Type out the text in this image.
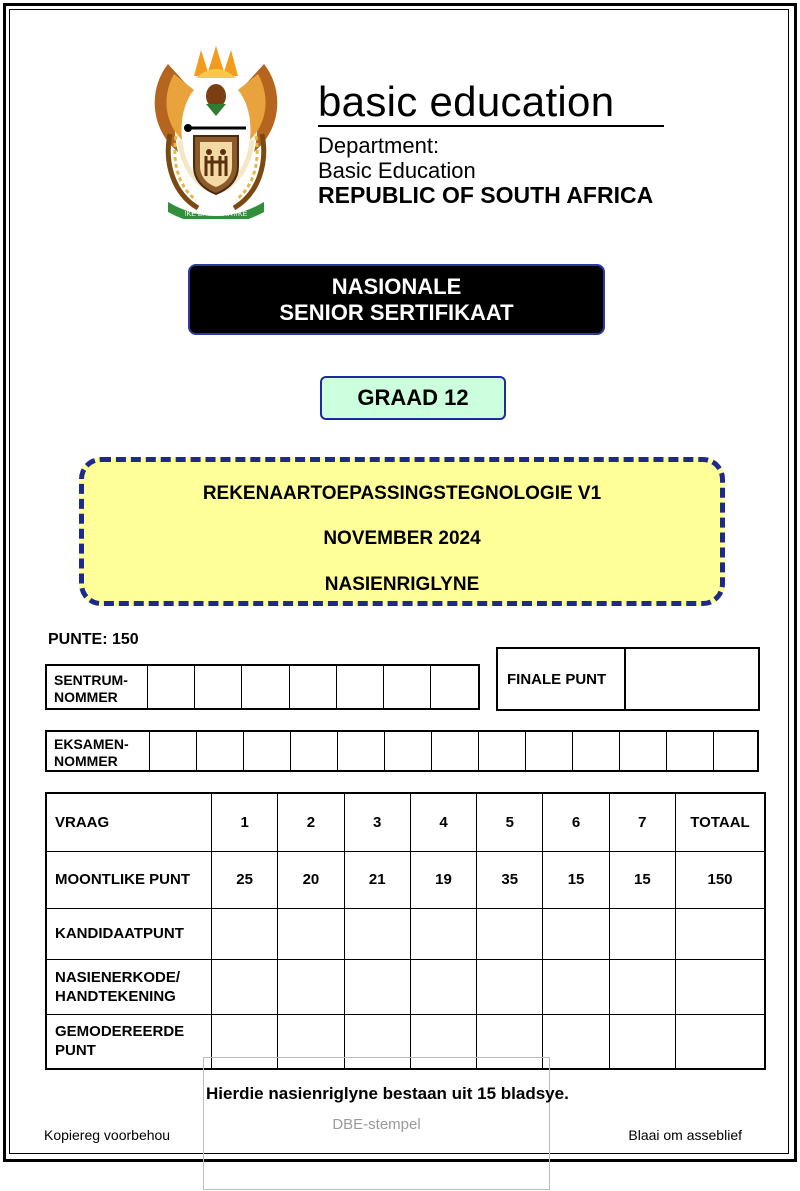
!KE E: /XARRA //KE
basic education
Department:
Basic Education
REPUBLIC OF SOUTH AFRICA
NASIONALE
SENIOR SERTIFIKAAT
GRAAD 12
REKENAARTOEPASSINGSTEGNOLOGIE V1
NOVEMBER 2024
NASIENRIGLYNE
PUNTE: 150
SENTRUM-
NOMMER
FINALE PUNT
EKSAMEN-
NOMMER
VRAAG	1	2	3	4	5	6	7	TOTAAL
MOONTLIKE PUNT	25	20	21	19	35	15	15	150
KANDIDAATPUNT								
NASIENERKODE/
HANDTEKENING								
GEMODEREERDE
PUNT								
DBE-stempel
Hierdie nasienriglyne bestaan uit 15 bladsye.
Kopiereg voorbehou	Blaai om asseblief
